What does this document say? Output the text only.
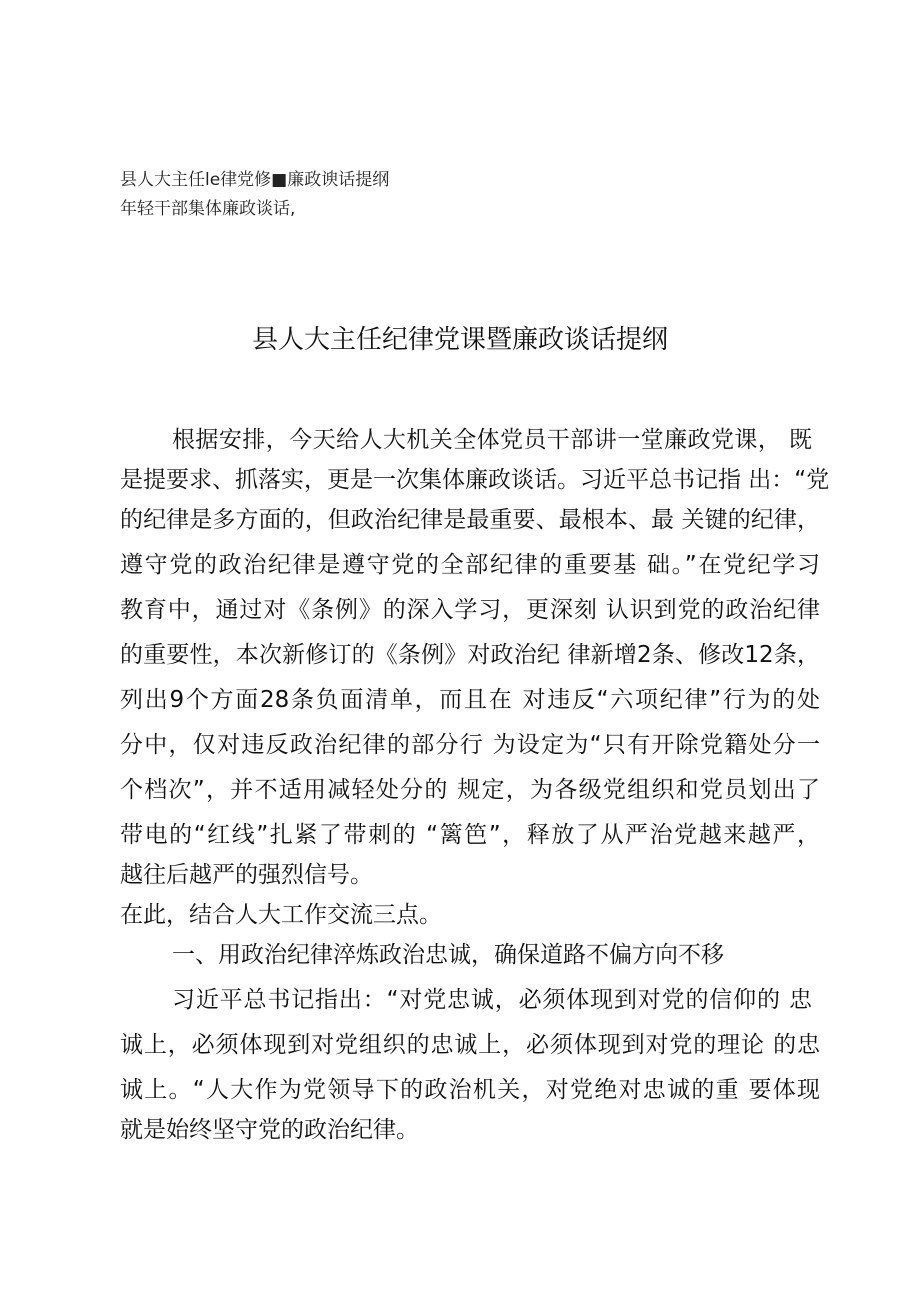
县人大主任le律党修■廉政谀话提纲
年轻干部集体廉政谈话,
县人大主任纪律党课暨廉政谈话提纲
根据安排，今天给人大机关全体党员干部讲一堂廉政党课， 既
是提要求、抓落实，更是一次集体廉政谈话。习近平总书记指 出：“党
的纪律是多方面的，但政治纪律是最重要、最根本、最 关键的纪律，
遵守党的政治纪律是遵守党的全部纪律的重要基 础。”在党纪学习
教育中，通过对《条例》的深入学习，更深刻 认识到党的政治纪律
的重要性，本次新修订的《条例》对政治纪 律新增2条、修改12条，
列出9个方面28条负面清单，而且在 对违反“六项纪律”行为的处
分中，仅对违反政治纪律的部分行 为设定为“只有开除党籍处分一
个档次”，并不适用减轻处分的 规定，为各级党组织和党员划出了
带电的“红线”扎紧了带刺的 “篱笆”，释放了从严治党越来越严，
越往后越严的强烈信号。
在此，结合人大工作交流三点。
一、用政治纪律淬炼政治忠诚，确保道路不偏方向不移
习近平总书记指出：“对党忠诚，必须体现到对党的信仰的 忠
诚上，必须体现到对党组织的忠诚上，必须体现到对党的理论 的忠
诚上。“人大作为党领导下的政治机关，对党绝对忠诚的重 要体现
就是始终坚守党的政治纪律。
